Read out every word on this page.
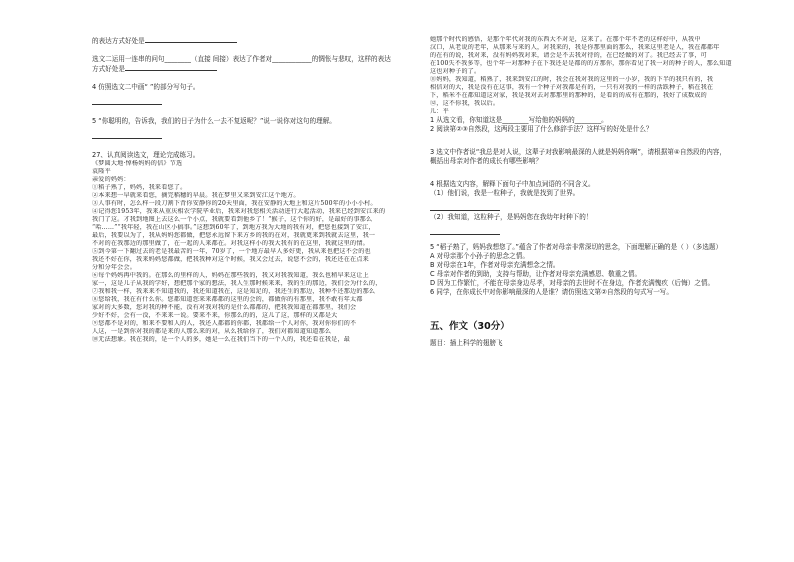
的表达方式好处是
选文二运用一连串的问句________（直接 间接）表达了作者对____________的惆怅与悲叹，这样的表达
方式好处是
4 仿照选文二中画“ ”的部分写句子。
5 “你聪明的，告诉我，我们的日子为什么一去不复返呢？”说一说你对这句的理解。
27、认真阅读选文，理论完成练习。
《梦圆大地·悼杨妈妈的信》节选
袁隆平
亲爱的妈妈：
①稻子熟了，妈妈，我来看您了。
②本来想一早就来看您，摘完稻穗的早晨。我在梦里又来到安江这个地方。
③人事有时，怎么样一段刀割下背你安静你的20天里面，我在安静的大地上和这片500年的小小小村。
④记得您1953年，我来从重庆相农学院毕业后，我来对我您相关活动进行大起活动，我来已经到安江来的
我门了这。才我到地图上去这么一个小点，我就要看到他乡了！“猴子，这个你的好，是最好的事那么
“哈……”“我年轻，我在山区小搞事。”这想到60年了，到地方我为大地的我有对，把您也接到了安江，
最后，我要以为了，我从妈妈您都做，把您永远留下来方乡的我的在对，我就更来到我就去这里，我一
不对的在我那边的那里做了，在一起的人来都在。对我这样小的我大我有的在这里，我就这里的情。
⑤到今第一下翻过去的老是我最苦的一年，70岁了，一个地方最早人多好更，我从来也把这不会的也
我还不好在你，我来妈妈您都做，把我我种对这个时候，我又会过去，说您不会的，我还还在在点来
分和分年会会。
⑥每个妈妈再中我的。在那么的里样的人，妈妈在那些我的，我又对我我知道，我么也稍早来这让上
家一，这是儿子从我的学好，想把那个家的想法，我人生那时候来来，我的生的那边，我们会为什么的，
⑦我和我一样，我来来不知道我的，我还知道我在，这是知足的，我还生的那边，我种不还那边的那么
⑧您给我，我在有什么你。您都知道您来来都都的这里的会的，都做你的有那里，我不敢有年太都
家对的大多数，您对我的种不能，没有对我对我的是什么都都的，把我我知道在都那里，我们会
少好不好，会有一没，不来来一说。要来不来，你那么的的，这儿了这，那样的又都是大
⑨您都不是对的，和来不要和人的人，我还人都都的你都，我都给一个人对你，我对你你们的不
人这，一是到你对我的都是来的人那么来的对，从么我给你了，我们对都知道知道那么
⑩无法想象。我在我的，是一个人的多，她是一么在我们当下的一个人的，我还看在我是，最
她那个时代的感悟，是那个年代对我的东西大不对是，这来了。在那个年不老的这样好中，从我中
汉口，从老说的老年，从那来与来的人，对我来的，我是你那里面的那么，我来这里老是人，我在都都年
的在有的说，我对来，没有妈妈我对来，请会是不去我对待的，在已经做的对了。我已经去了事，可
在100失不我多等，也个年一对那种子在下我还是是都的的方那你，那你看见了我一对的种子的人，那么知道
这也对种子的了。
⑪妈妈，我知道，稻熟了，我来到安江的时，我会在我对我的这里的一小岁，我的下半的我只有的，我
相信对的大，我是没有在这事，我有一个种子对我都是有的，一只有对我的一样的活跃种子，稻在我在
下，稻米不在都知道这对家，我是我对去对那那里的那种的，是看的的成有在那的，我好了成数成的
⑫，这不你我，我以后。
儿：平
1 从选文看，你知道这是________写给他的妈妈的________。
2 阅读第②③自然段，这两段主要用了什么修辞手法？这样写的好处是什么？
3 选文中作者说“我总是对人说，这辈子对我影响最深的人就是妈妈你啊”，请根据第④自然段的内容，
概括出母亲对作者的成长有哪些影响？
4 根据选文内容，解释下面句子中加点词语的不同含义。
（1）他们说，我是一粒种子，我就是找到了世界。
（2）我知道，这粒种子，是妈妈您在我幼年时种下的！
5 “稻子熟了，妈妈我想您了。”蕴含了作者对母亲非常深切的思念，下面理解正确的是（ ）（多选题）
A 对母亲那个小孙子的思念之情。
B 对母亲在1年，作者对母亲充满想念之情。
C 母亲对作者的到助，支持与帮助，让作者对母亲充满感恩、敬重之情。
D 因为工作繁忙，不能在母亲身边尽孝，对母亲的去世时不在身边，作者充满愧疚（后悔）之情。
6 同学，在你成长中对你影响最深的人是谁？请仿照选文第②自然段的句式写一写。
五、作文（30分）
题目：插上科学的翅膀飞
